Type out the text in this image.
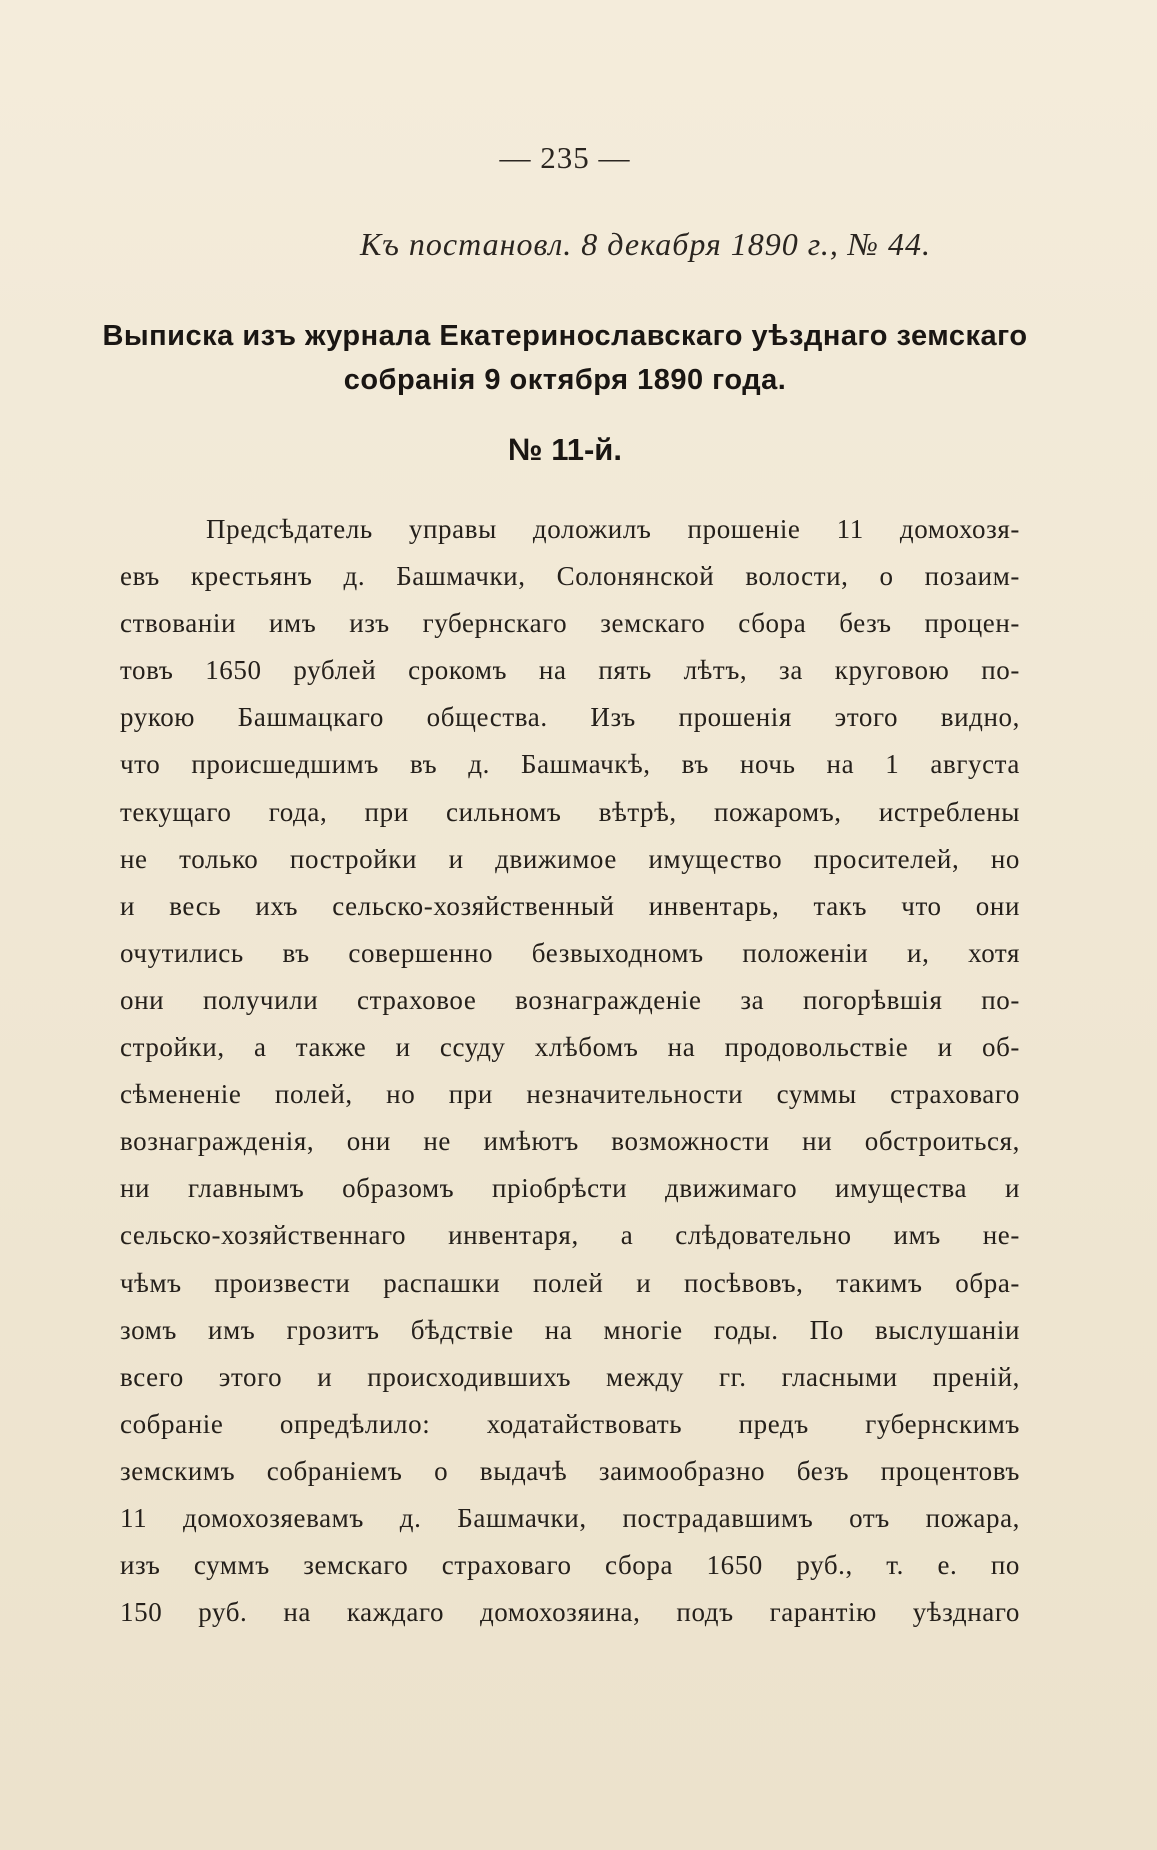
— 235 —
Къ постановл. 8 декабря 1890 г., № 44.
Выписка изъ журнала Екатеринославскаго уѣзднаго земскаго
собранія 9 октября 1890 года.
№ 11-й.
Предсѣдатель управы доложилъ прошеніе 11 домохозя-
евъ крестьянъ д. Башмачки, Солонянской волости, о позаим-
ствованіи имъ изъ губернскаго земскаго сбора безъ процен-
товъ 1650 рублей срокомъ на пять лѣтъ, за круговою по-
рукою Башмацкаго общества. Изъ прошенія этого видно,
что происшедшимъ въ д. Башмачкѣ, въ ночь на 1 августа
текущаго года, при сильномъ вѣтрѣ, пожаромъ, истреблены
не только постройки и движимое имущество просителей, но
и весь ихъ сельско-хозяйственный инвентарь, такъ что они
очутились въ совершенно безвыходномъ положеніи и, хотя
они получили страховое вознагражденіе за погорѣвшія по-
стройки, а также и ссуду хлѣбомъ на продовольствіе и об-
сѣмененіе полей, но при незначительности суммы страховаго
вознагражденія, они не имѣютъ возможности ни обстроиться,
ни главнымъ образомъ пріобрѣсти движимаго имущества и
сельско-хозяйственнаго инвентаря, а слѣдовательно имъ не-
чѣмъ произвести распашки полей и посѣвовъ, такимъ обра-
зомъ имъ грозитъ бѣдствіе на многіе годы. По выслушаніи
всего этого и происходившихъ между гг. гласными преній,
собраніе опредѣлило: ходатайствовать предъ губернскимъ
земскимъ собраніемъ о выдачѣ заимообразно безъ процентовъ
11 домохозяевамъ д. Башмачки, пострадавшимъ отъ пожара,
изъ суммъ земскаго страховаго сбора 1650 руб., т. е. по
150 руб. на каждаго домохозяина, подъ гарантію уѣзднаго
